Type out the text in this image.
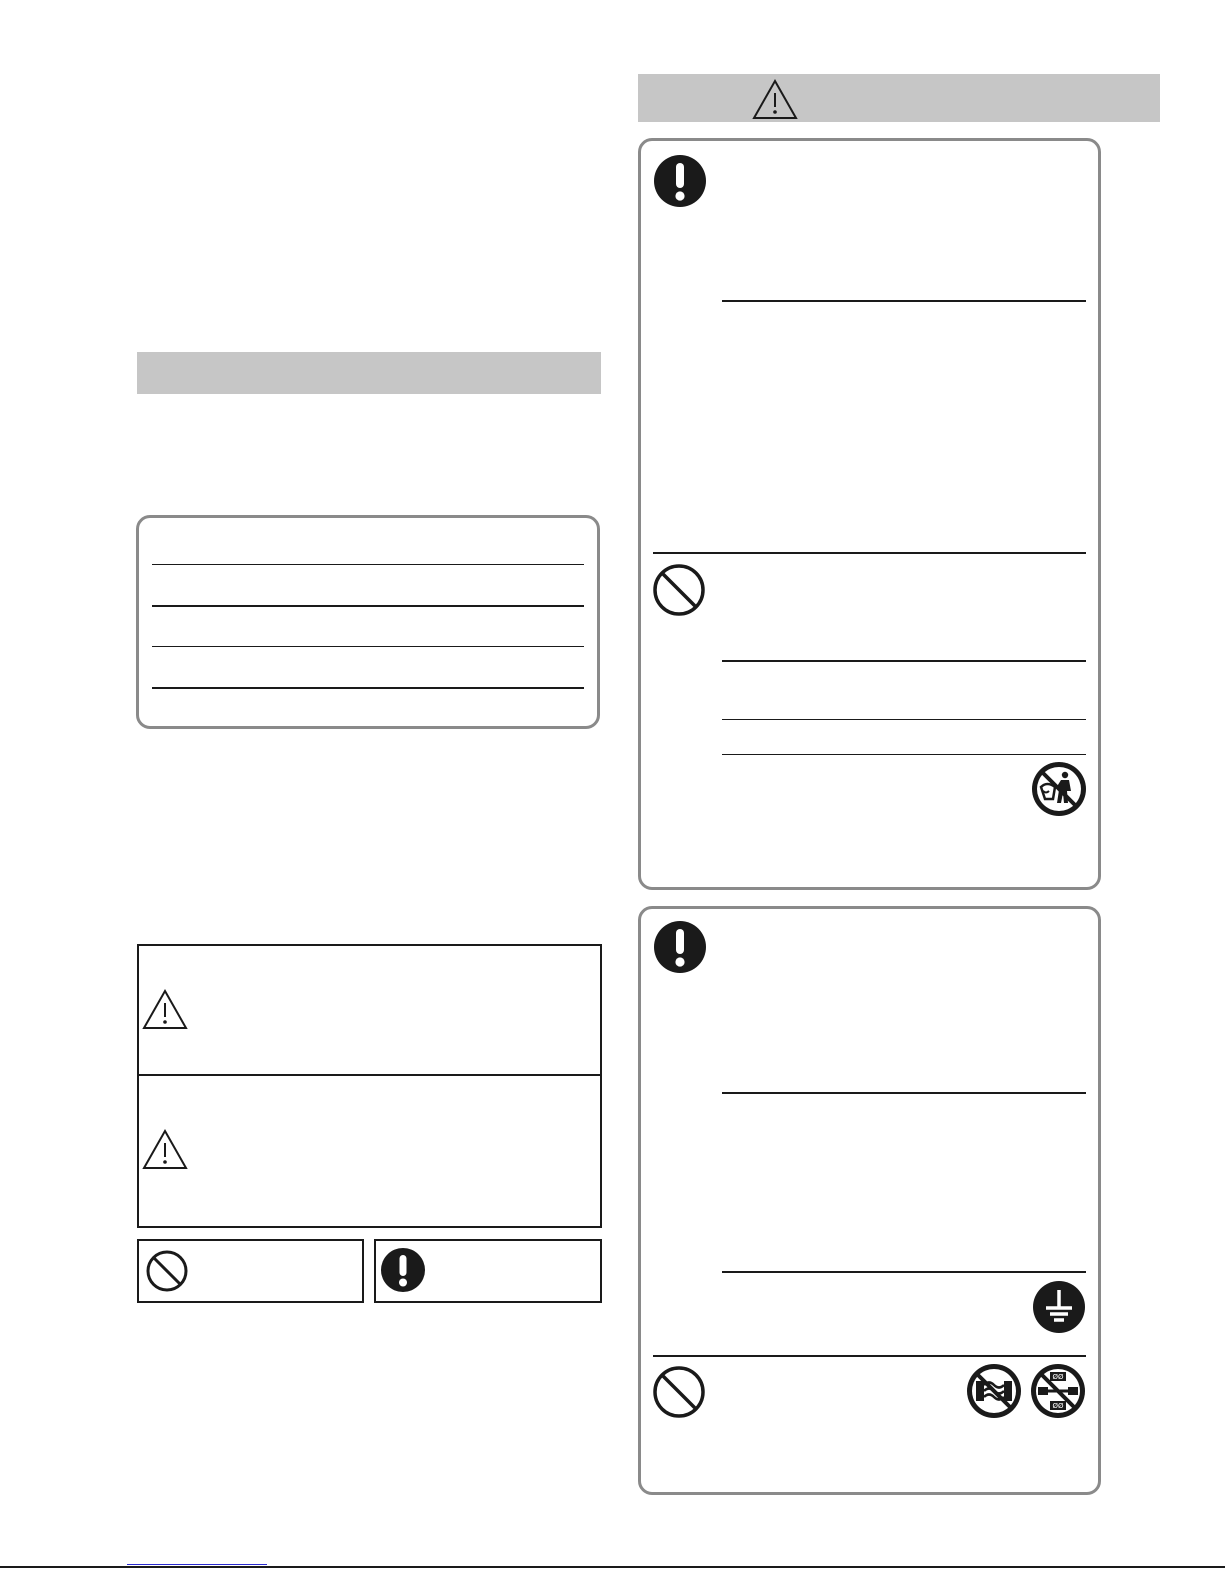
ØØ
ØØ
